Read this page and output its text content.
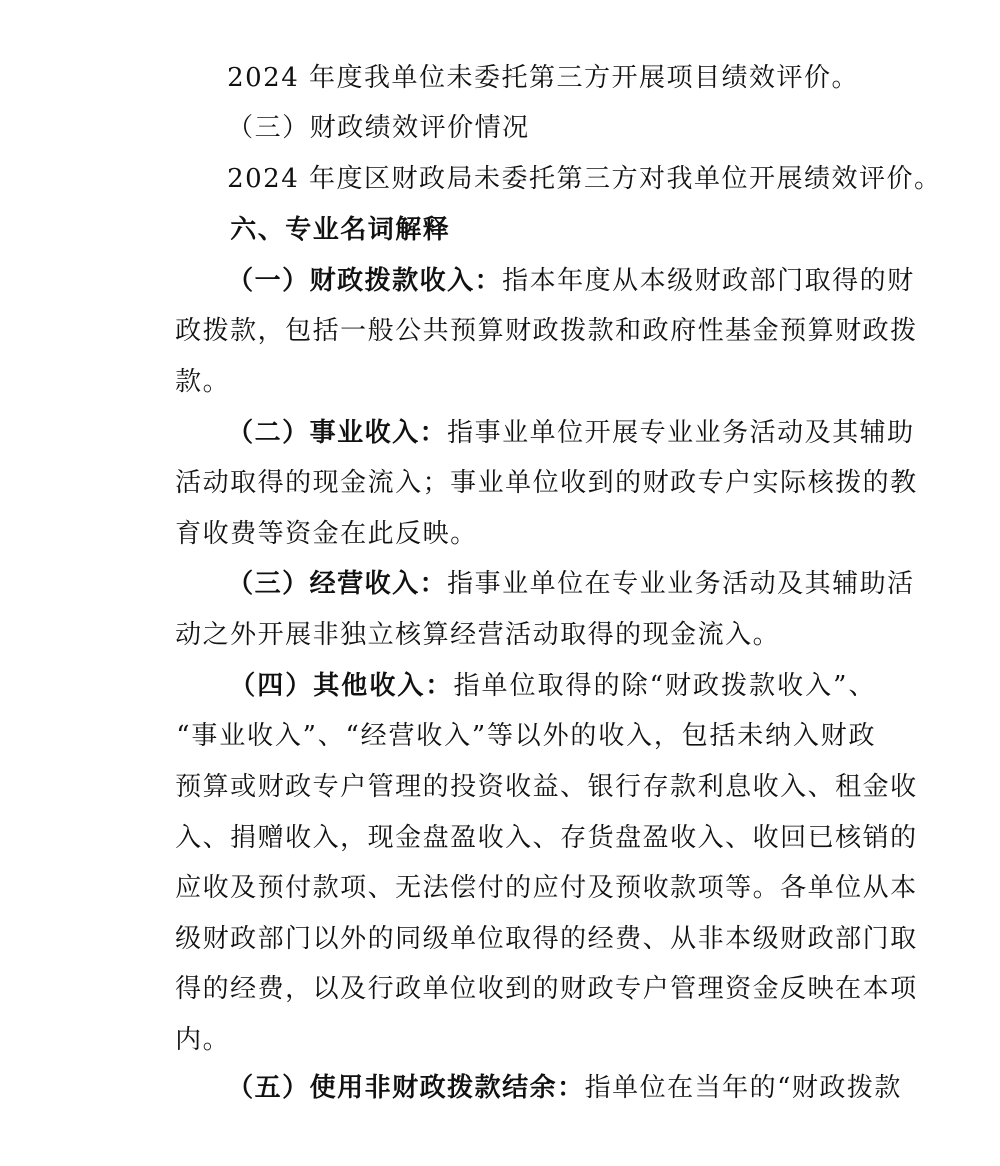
2024 年度我单位未委托第三方开展项目绩效评价。

（三）财政绩效评价情况

2024 年度区财政局未委托第三方对我单位开展绩效评价。

六、专业名词解释

（一）财政拨款收入：指本年度从本级财政部门取得的财

政拨款，包括一般公共预算财政拨款和政府性基金预算财政拨

款。

（二）事业收入：指事业单位开展专业业务活动及其辅助

活动取得的现金流入；事业单位收到的财政专户实际核拨的教

育收费等资金在此反映。

（三）经营收入：指事业单位在专业业务活动及其辅助活

动之外开展非独立核算经营活动取得的现金流入。

（四）其他收入：指单位取得的除“财政拨款收入”、

“事业收入”、“经营收入”等以外的收入，包括未纳入财政

预算或财政专户管理的投资收益、银行存款利息收入、租金收

入、捐赠收入，现金盘盈收入、存货盘盈收入、收回已核销的

应收及预付款项、无法偿付的应付及预收款项等。各单位从本

级财政部门以外的同级单位取得的经费、从非本级财政部门取

得的经费，以及行政单位收到的财政专户管理资金反映在本项

内。

（五）使用非财政拨款结余：指单位在当年的“财政拨款
